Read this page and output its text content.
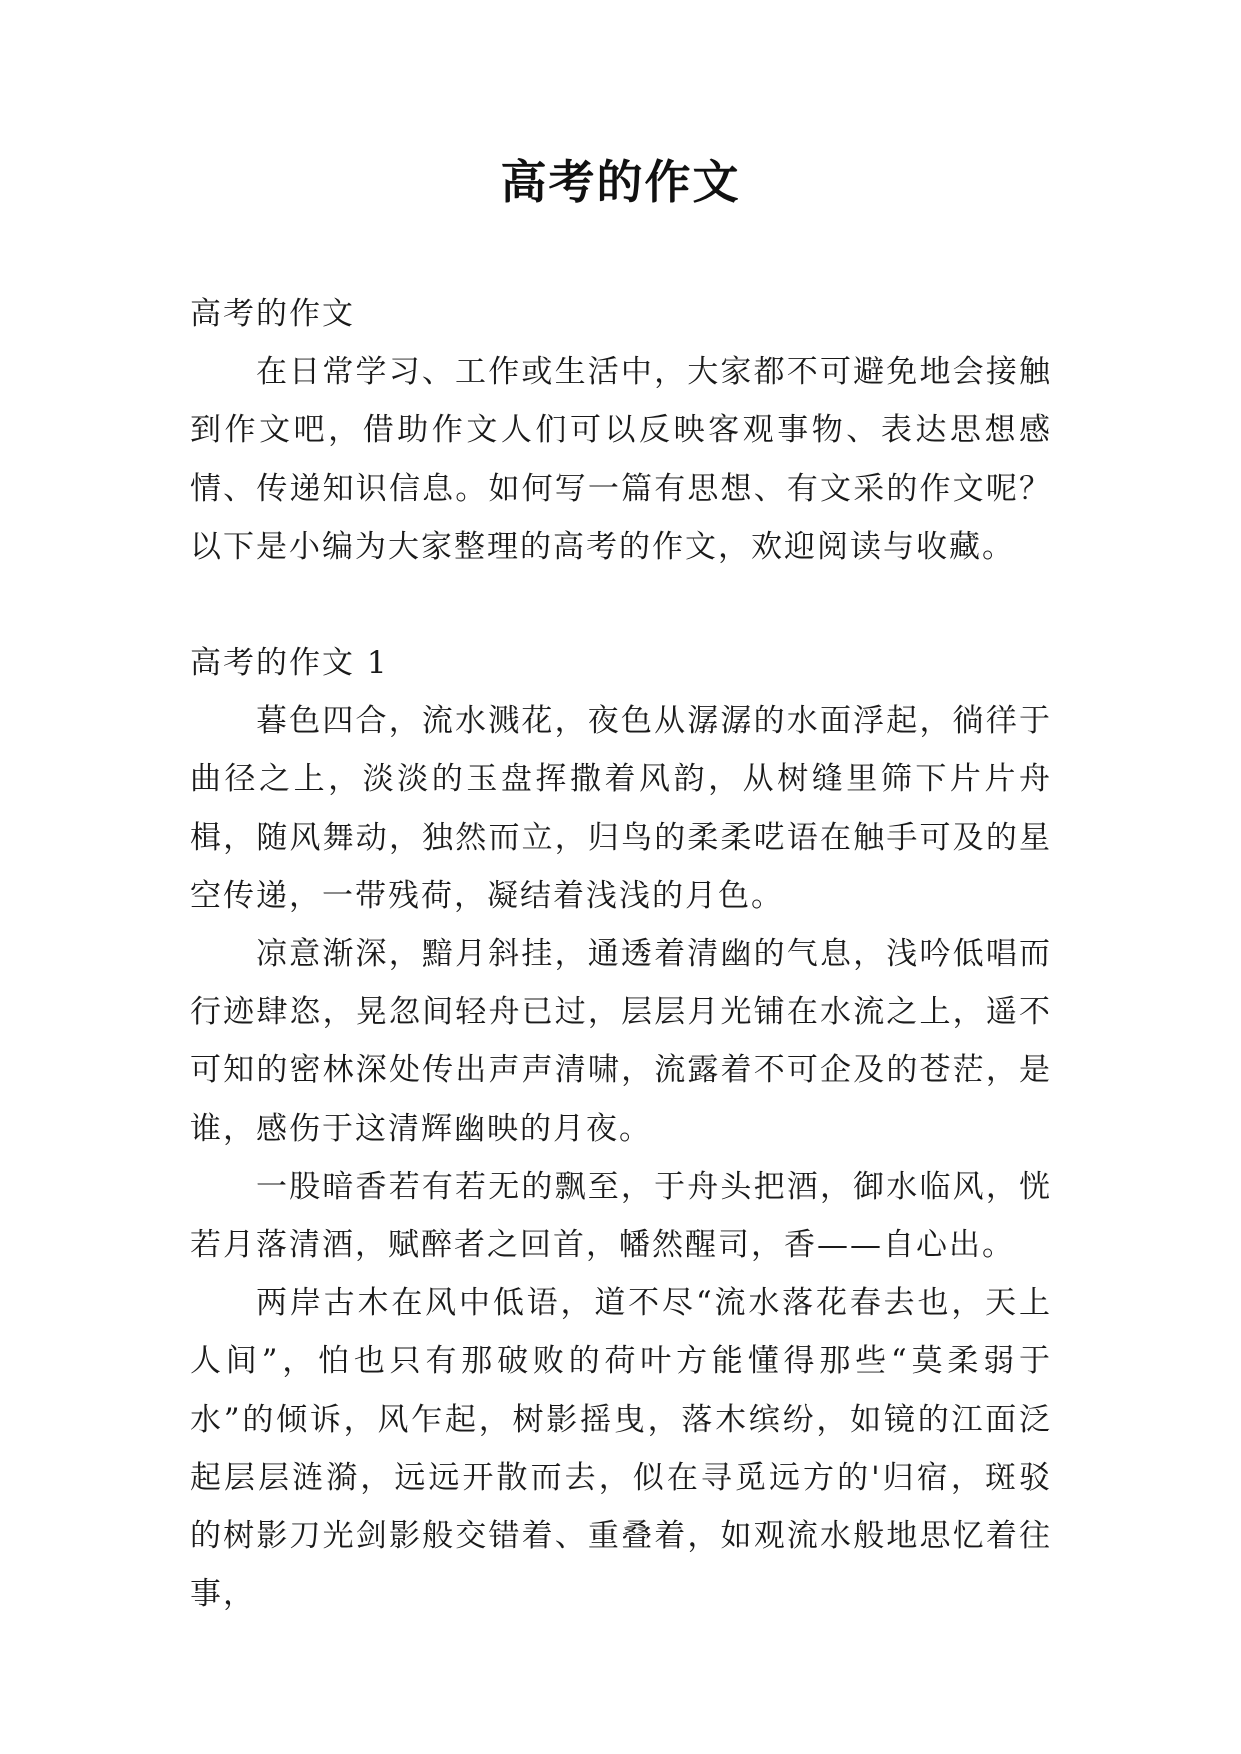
高考的作文
高考的作文

在日常学习、工作或生活中，大家都不可避免地会接触到作文吧，借助作文人们可以反映客观事物、表达思想感情、传递知识信息。如何写一篇有思想、有文采的作文呢？以下是小编为大家整理的高考的作文，欢迎阅读与收藏。

高考的作文 1

暮色四合，流水溅花，夜色从潺潺的水面浮起，徜徉于曲径之上，淡淡的玉盘挥撒着风韵，从树缝里筛下片片舟楫，随风舞动，独然而立，归鸟的柔柔呓语在触手可及的星空传递，一带残荷，凝结着浅浅的月色。

凉意渐深，黯月斜挂，通透着清幽的气息，浅吟低唱而行迹肆恣，晃忽间轻舟已过，层层月光铺在水流之上，遥不可知的密林深处传出声声清啸，流露着不可企及的苍茫，是谁，感伤于这清辉幽映的月夜。

一股暗香若有若无的飘至，于舟头把酒，御水临风，恍若月落清酒，赋醉者之回首，幡然醒司，香——自心出。

两岸古木在风中低语，道不尽“流水落花春去也，天上人间”，怕也只有那破败的荷叶方能懂得那些“莫柔弱于水”的倾诉，风乍起，树影摇曳，落木缤纷，如镜的江面泛起层层涟漪，远远开散而去，似在寻觅远方的'归宿，斑驳的树影刀光剑影般交错着、重叠着，如观流水般地思忆着往事，
